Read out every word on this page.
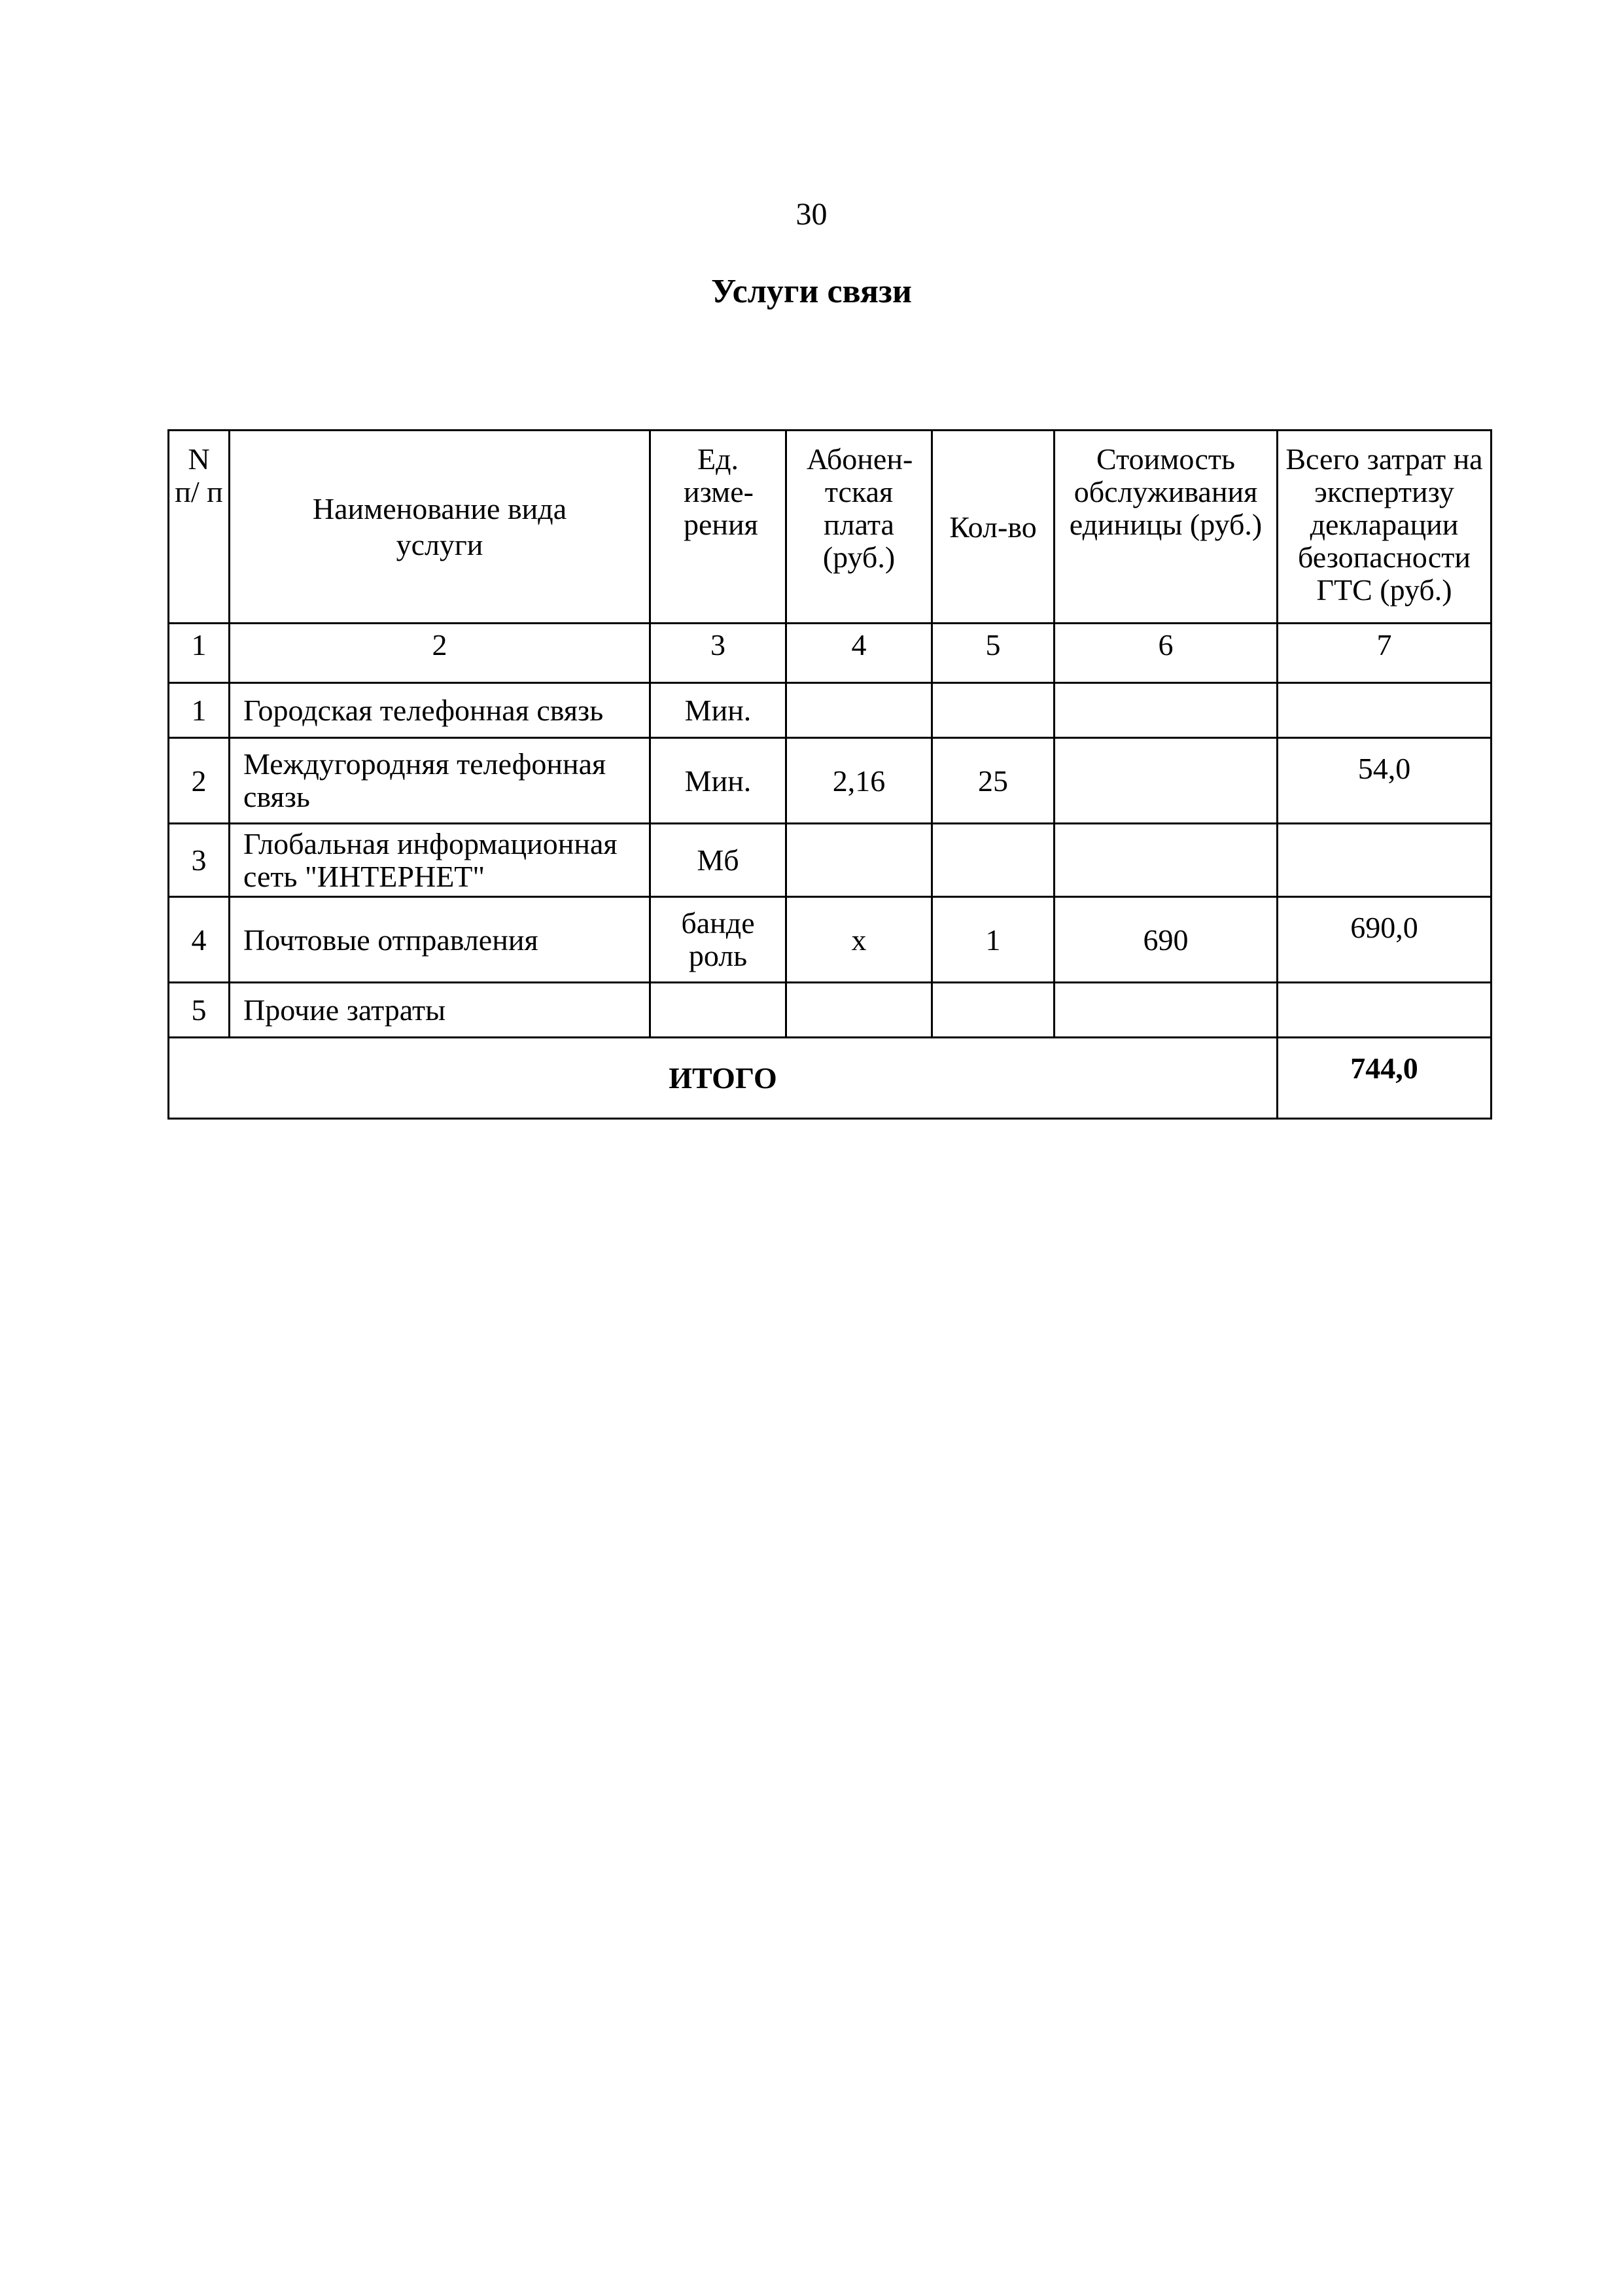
30
Услуги связи
N п/ п	Наименование вида услуги	Ед. изме- рения	Абонен- тская плата (руб.)	Кол-во	Стоимость обслуживания единицы (руб.)	Всего затрат на экспертизу декларации безопасности ГТС (руб.)
1	2	3	4	5	6	7
1	Городская телефонная связь	Мин.				
2	Междугородняя телефонная связь	Мин.	2,16	25		54,0
3	Глобальная информационная сеть "ИНТЕРНЕТ"	Мб				
4	Почтовые отправления	бандероль	х	1	690	690,0
5	Прочие затраты					
ИТОГО						744,0
